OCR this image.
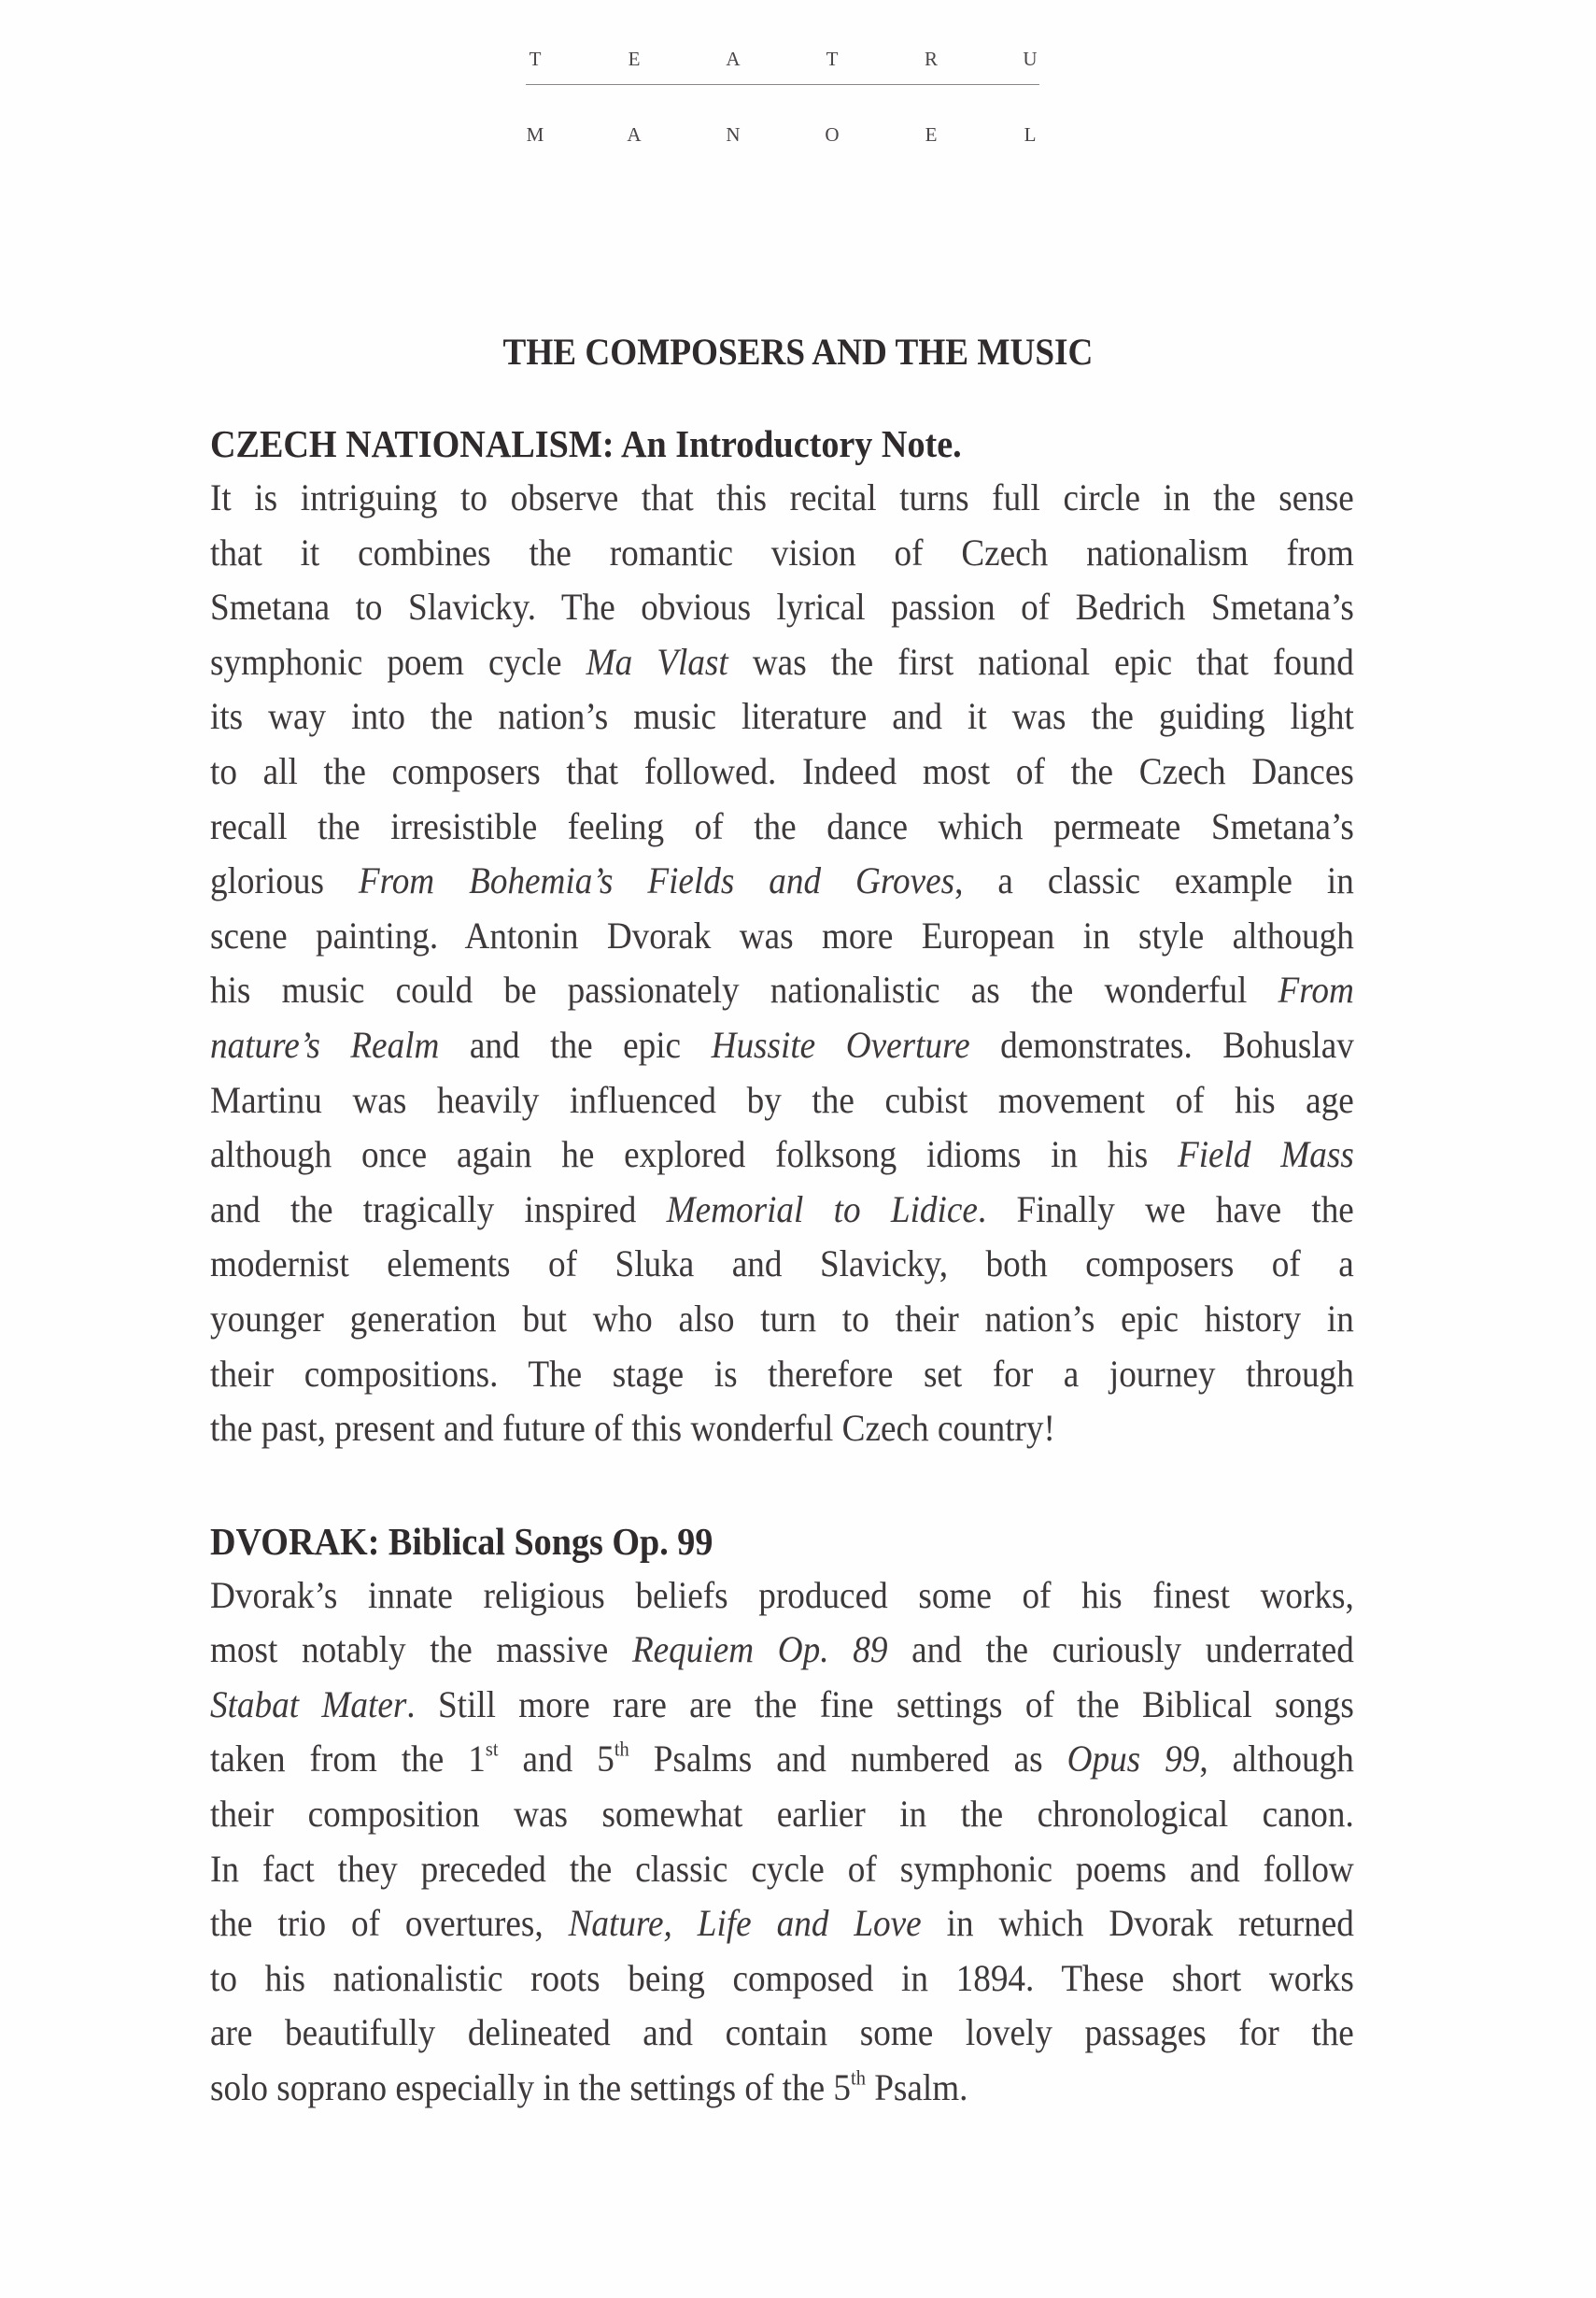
T	E	A	T	R	U
M	A	N	O	E	L
THE COMPOSERS AND THE MUSIC
CZECH NATIONALISM: An Introductory Note.
It is intriguing to observe that this recital turns full circle in the sense
that it combines the romantic vision of Czech nationalism from
Smetana to Slavicky. The obvious lyrical passion of Bedrich Smetana’s
symphonic poem cycle Ma Vlast was the first national epic that found
its way into the nation’s music literature and it was the guiding light
to all the composers that followed. Indeed most of the Czech Dances
recall the irresistible feeling of the dance which permeate Smetana’s
glorious From Bohemia’s Fields and Groves, a classic example in
scene painting. Antonin Dvorak was more European in style although
his music could be passionately nationalistic as the wonderful From
nature’s Realm and the epic Hussite Overture demonstrates. Bohuslav
Martinu was heavily influenced by the cubist movement of his age
although once again he explored folksong idioms in his Field Mass
and the tragically inspired Memorial to Lidice. Finally we have the
modernist elements of Sluka and Slavicky, both composers of a
younger generation but who also turn to their nation’s epic history in
their compositions. The stage is therefore set for a journey through
the past, present and future of this wonderful Czech country!
DVORAK: Biblical Songs Op. 99
Dvorak’s innate religious beliefs produced some of his finest works,
most notably the massive Requiem Op. 89 and the curiously underrated
Stabat Mater. Still more rare are the fine settings of the Biblical songs
taken from the 1st and 5th Psalms and numbered as Opus 99, although
their composition was somewhat earlier in the chronological canon.
In fact they preceded the classic cycle of symphonic poems and follow
the trio of overtures, Nature, Life and Love in which Dvorak returned
to his nationalistic roots being composed in 1894. These short works
are beautifully delineated and contain some lovely passages for the
solo soprano especially in the settings of the 5th Psalm.
